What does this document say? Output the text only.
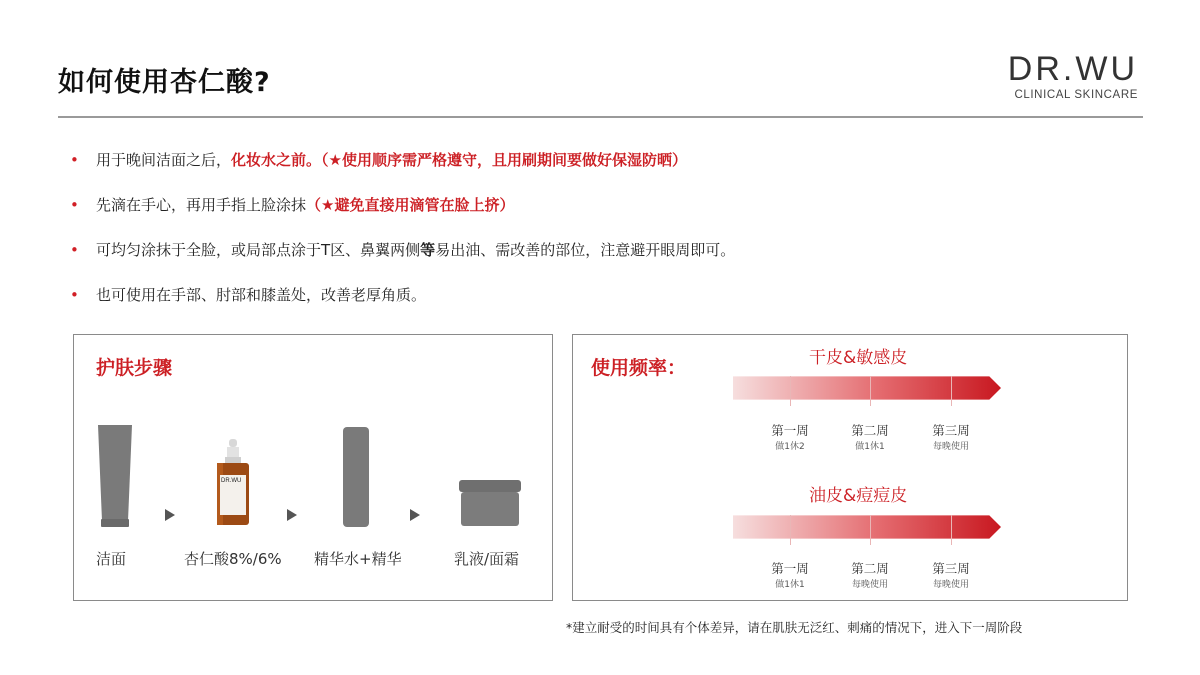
如何使用杏仁酸?	DR.WU
CLINICAL SKINCARE
• 用于晚间洁面之后，化妆水之前。（★使用顺序需严格遵守，且用刷期间要做好保湿防晒）
• 先滴在手心，再用手指上脸涂抹（★避免直接用滴管在脸上挤）
• 可均匀涂抹于全脸，或局部点涂于T区、鼻翼两侧等易出油、需改善的部位，注意避开眼周即可。
• 也可使用在手部、肘部和膝盖处，改善老厚角质。
护肤步骤
洁面
DR.WU
杏仁酸8%/6% 精华水+精华	乳液/面霜
使用频率：	干皮&敏感皮
第一周	第二周	第三周
做1休2	做1休1	每晚使用
油皮&痘痘皮
第一周	第二周	第三周
做1休1	每晚使用	每晚使用
*建立耐受的时间具有个体差异，请在肌肤无泛红、刺痛的情况下，进入下一周阶段
